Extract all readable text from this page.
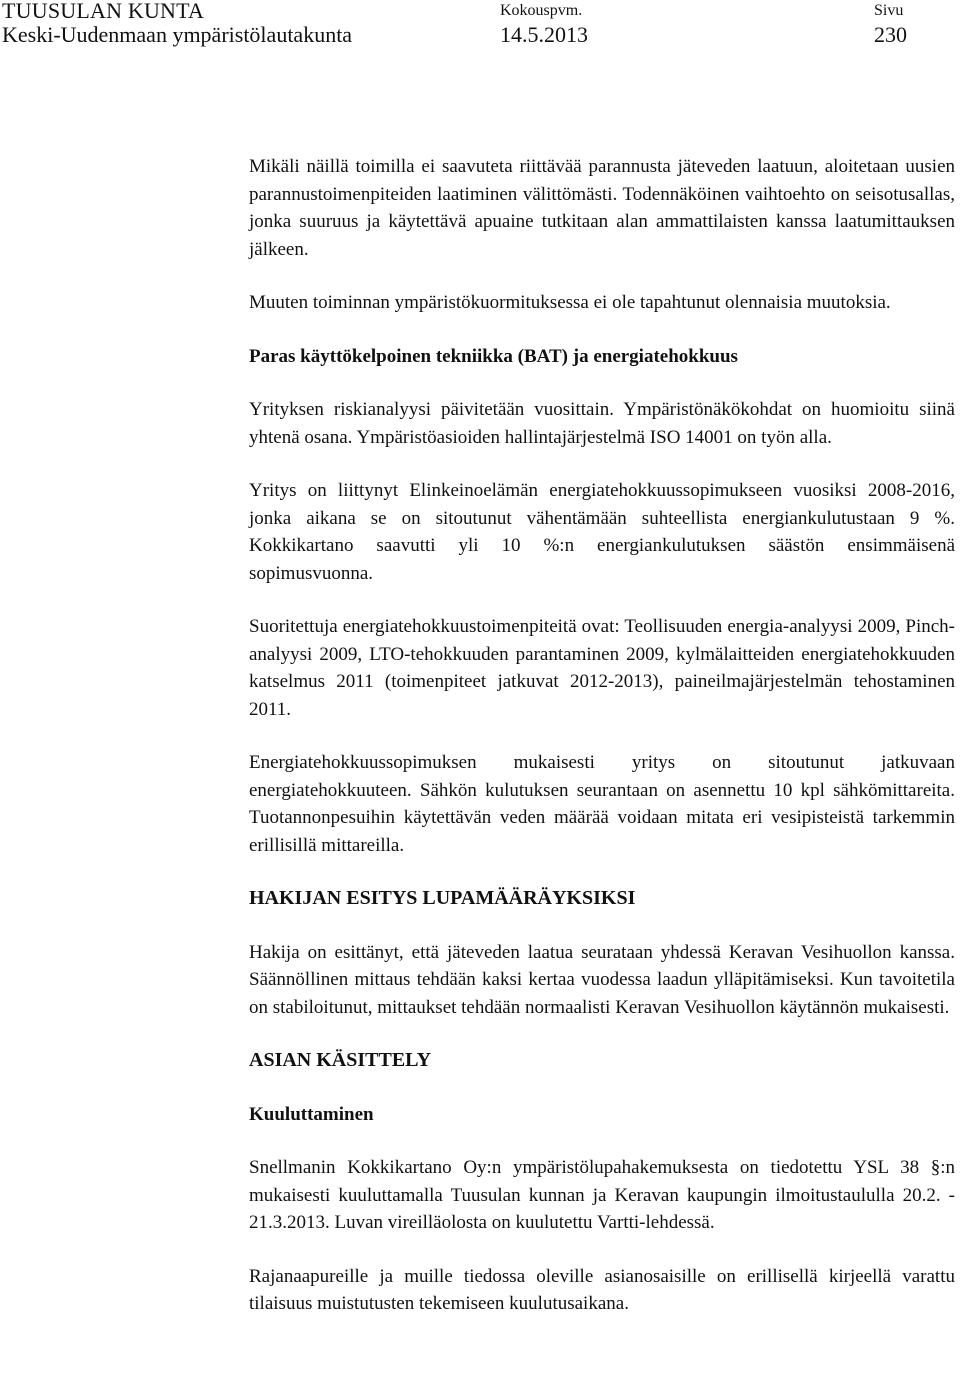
TUUSULAN KUNTA
Keski-Uudenmaan ympäristölautakunta
Kokouspvm.
14.5.2013
Sivu
230

Mikäli näillä toimilla ei saavuteta riittävää parannusta jäteveden laatuun, aloitetaan uusien parannustoimenpiteiden laatiminen välittömästi. Todennäköinen vaihtoehto on seisotusallas, jonka suuruus ja käytettävä apuaine tutkitaan alan ammattilaisten kanssa laatumittauksen jälkeen.

Muuten toiminnan ympäristökuormituksessa ei ole tapahtunut olennaisia muutoksia.

Paras käyttökelpoinen tekniikka (BAT) ja energiatehokkuus

Yrityksen riskianalyysi päivitetään vuosittain. Ympäristönäkökohdat on huomioitu siinä yhtenä osana. Ympäristöasioiden hallintajärjestelmä ISO 14001 on työn alla.

Yritys on liittynyt Elinkeinoelämän energiatehokkuussopimukseen vuosiksi 2008-2016, jonka aikana se on sitoutunut vähentämään suhteellista energiankulutustaan 9 %. Kokkikartano saavutti yli 10 %:n energiankulutuksen säästön ensimmäisenä sopimusvuonna.

Suoritettuja energiatehokkuustoimenpiteitä ovat: Teollisuuden energia-analyysi 2009, Pinch-analyysi 2009, LTO-tehokkuuden parantaminen 2009, kylmälaitteiden energiatehokkuuden katselmus 2011 (toimenpiteet jatkuvat 2012-2013), paineilmajärjestelmän tehostaminen 2011.

Energiatehokkuussopimuksen mukaisesti yritys on sitoutunut jatkuvaan energiatehokkuuteen. Sähkön kulutuksen seurantaan on asennettu 10 kpl sähkömittareita. Tuotannonpesuihin käytettävän veden määrää voidaan mitata eri vesipisteistä tarkemmin erillisillä mittareilla.

HAKIJAN ESITYS LUPAMÄÄRÄYKSIKSI

Hakija on esittänyt, että jäteveden laatua seurataan yhdessä Keravan Vesihuollon kanssa. Säännöllinen mittaus tehdään kaksi kertaa vuodessa laadun ylläpitämiseksi. Kun tavoitetila on stabiloitunut, mittaukset tehdään normaalisti Keravan Vesihuollon käytännön mukaisesti.

ASIAN KÄSITTELY

Kuuluttaminen

Snellmanin Kokkikartano Oy:n ympäristölupahakemuksesta on tiedotettu YSL 38 §:n mukaisesti kuuluttamalla Tuusulan kunnan ja Keravan kaupungin ilmoitustaululla 20.2. - 21.3.2013. Luvan vireilläolosta on kuulutettu Vartti-lehdessä.

Rajanaapureille ja muille tiedossa oleville asianosaisille on erillisellä kirjeellä varattu tilaisuus muistutusten tekemiseen kuulutusaikana.
